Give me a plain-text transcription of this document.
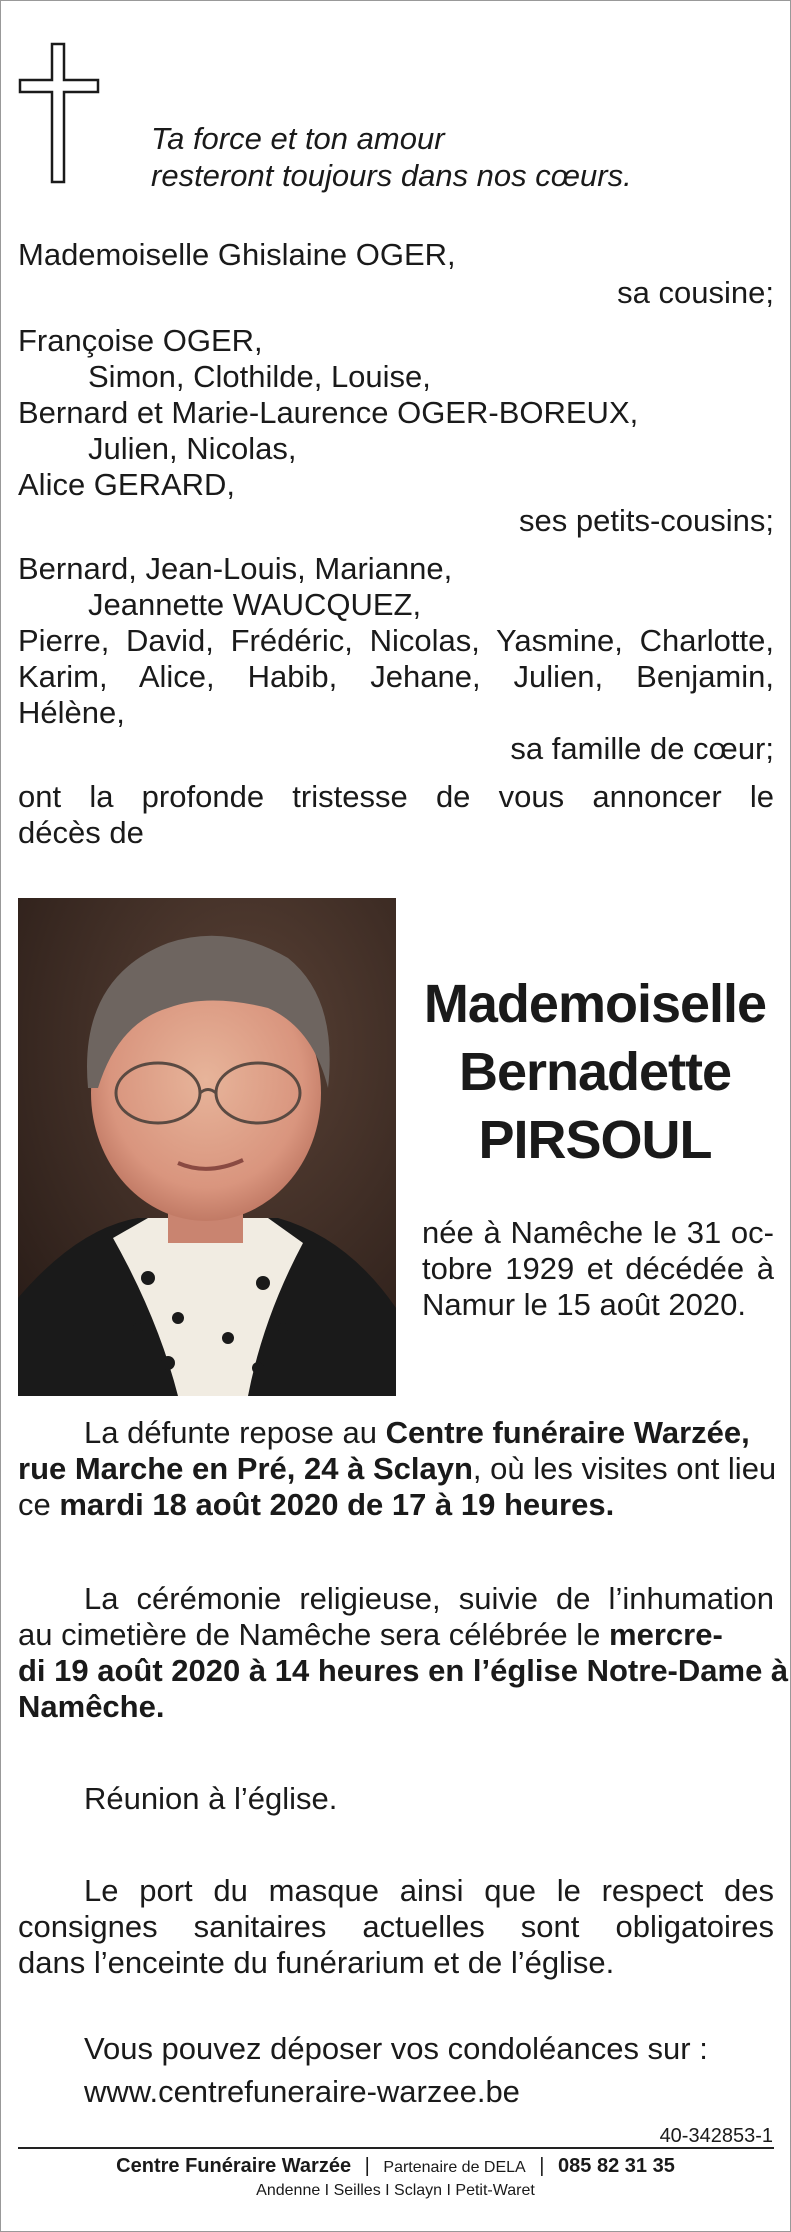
Ta force et ton amour

resteront toujours dans nos cœurs.

Mademoiselle Ghislaine OGER,

sa cousine;

Françoise OGER,

Simon, Clothilde, Louise,

Bernard et Marie-Laurence OGER-BOREUX,

Julien, Nicolas,

Alice GERARD,

ses petits-cousins;

Bernard, Jean-Louis, Marianne,

Jeannette WAUCQUEZ,

Pierre, David, Frédéric, Nicolas, Yasmine, Charlotte,

Karim, Alice, Habib, Jehane, Julien, Benjamin,

Hélène,

sa famille de cœur;

ont la profonde tristesse de vous annoncer le

décès de

Mademoiselle

Bernadette

PIRSOUL

née à Namêche le 31 oc-

tobre 1929 et décédée à

Namur le 15 août 2020.

La défunte repose au Centre funéraire Warzée,

rue Marche en Pré, 24 à Sclayn, où les visites ont lieu

ce mardi 18 août 2020 de 17 à 19 heures.

La cérémonie religieuse, suivie de l’inhumation

au cimetière de Namêche sera célébrée le mercre-

di 19 août 2020 à 14 heures en l’église Notre-Dame à

Namêche.

Réunion à l’église.

Le port du masque ainsi que le respect des

consignes sanitaires actuelles sont obligatoires

dans l’enceinte du funérarium et de l’église.

Vous pouvez déposer vos condoléances sur :

www.centrefuneraire-warzee.be

40-342853-1

Centre Funéraire Warzée | Partenaire de DELA | 085 82 31 35

Andenne I Seilles I Sclayn I Petit-Waret
